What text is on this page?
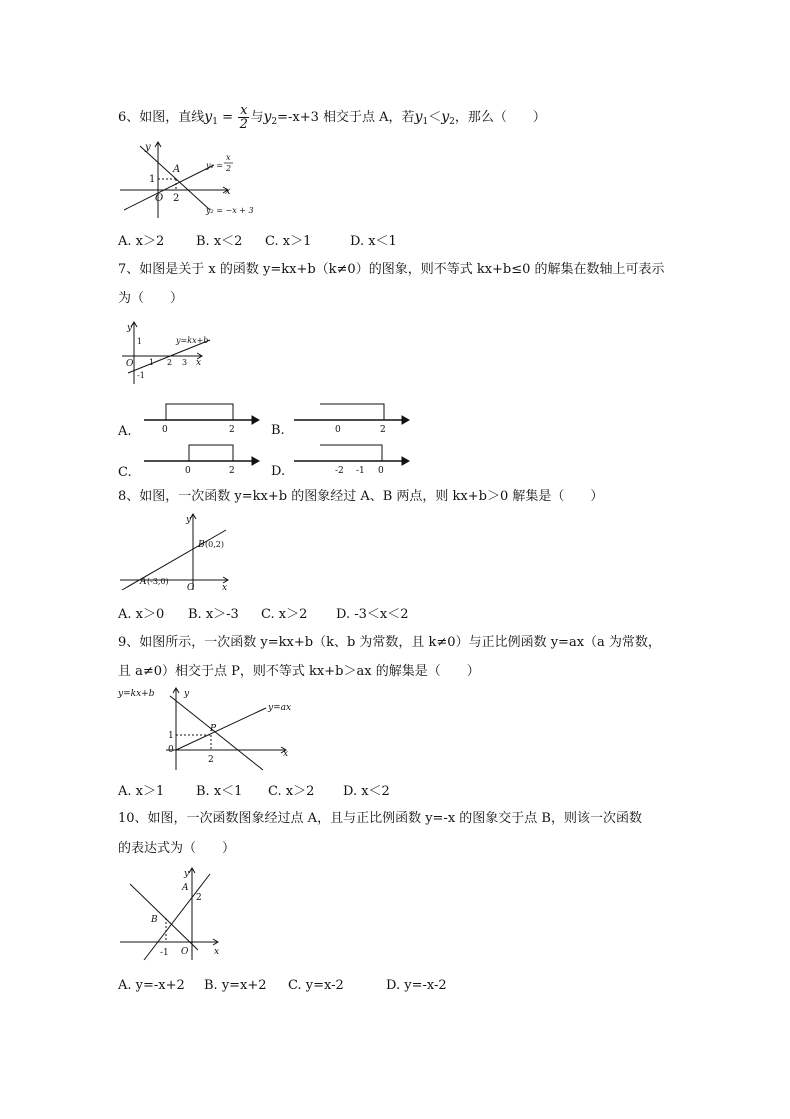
6、如图，直线$y_1 = \frac{x}{2}$ 与$y_2=-x+3$ 相交于点 A，若$y_1<y_2$，那么（　　）
y
x
O
1
2
A	y₁ =
x
2
y₂ = −x + 3
A. x＞2 B. x＜2 C. x＞1	D. x＜1
7、如图是关于 x 的函数 y=kx+b（k≠0）的图象，则不等式 kx+b≤0 的解集在数轴上可表示
为（　　）
y
x
O
1
-1
1 2 3
y=kx+b
A.	0	2	B.	0	2
C.	0	2	D.	-2 -1 0
8、如图，一次函数 y=kx+b 的图象经过 A、B 两点，则 kx+b＞0 解集是（　　）
y
x
O
A (-3,0)
B (0,2)
A. x＞0 B. x＞-3 C. x＞2 D. -3＜x＜2
9、如图所示，一次函数 y=kx+b（k、b 为常数，且 k≠0）与正比例函数 y=ax（a 为常数，
且 a≠0）相交于点 P，则不等式 kx+b＞ax 的解集是（　　）
y
x
0
y=kx+b
y=ax
P
1
2
A. x＞1 B. x＜1 C. x＞2 D. x＜2
10、如图，一次函数图象经过点 A，且与正比例函数 y=-x 的图象交于点 B，则该一次函数
的表达式为（　　）
y
x
O
A
2
B
-1
A. y=-x+2 B. y=x+2 C. y=x-2	D. y=-x-2
